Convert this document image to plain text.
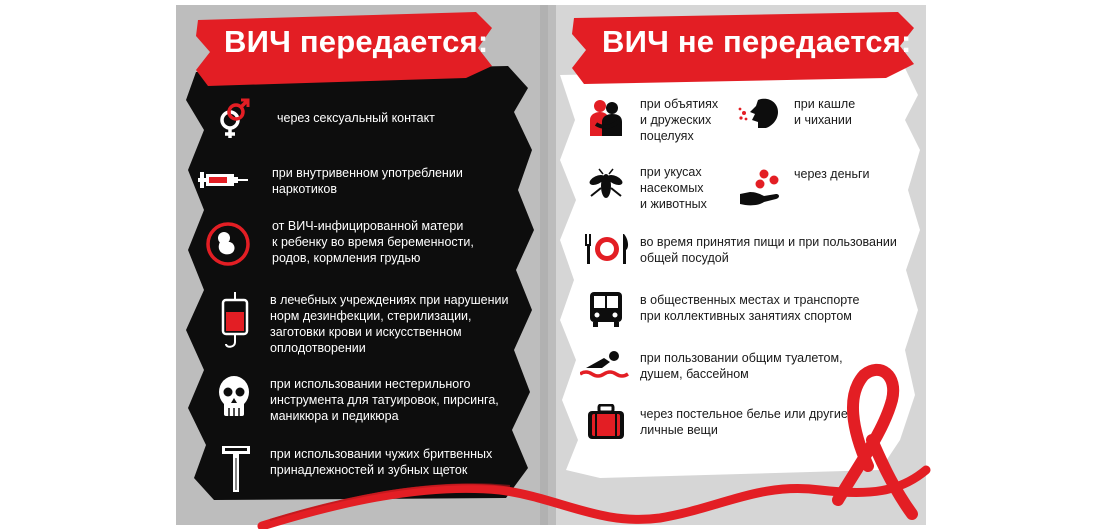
ВИЧ передается:	ВИЧ не передается:
через сексуальный контакт
при внутривенном употреблении
наркотиков
от ВИЧ-инфицированной матери
к ребенку во время беременности,
родов, кормления грудью
в лечебных учреждениях при нарушении
норм дезинфекции, стерилизации,
заготовки крови и искусственном
оплодотворении
при использовании нестерильного
инструмента для татуировок, пирсинга,
маникюра и педикюра
при использовании чужих бритвенных
принадлежностей и зубных щеток
при объятиях
и дружеских
поцелуях
при кашле
и чихании
при укусах
насекомых
и животных
через деньги
во время принятия пищи и при пользовании
общей посудой
в общественных местах и транспорте
при коллективных занятиях спортом
при пользовании общим туалетом,
душем, бассейном
через постельное белье или другие
личные вещи
